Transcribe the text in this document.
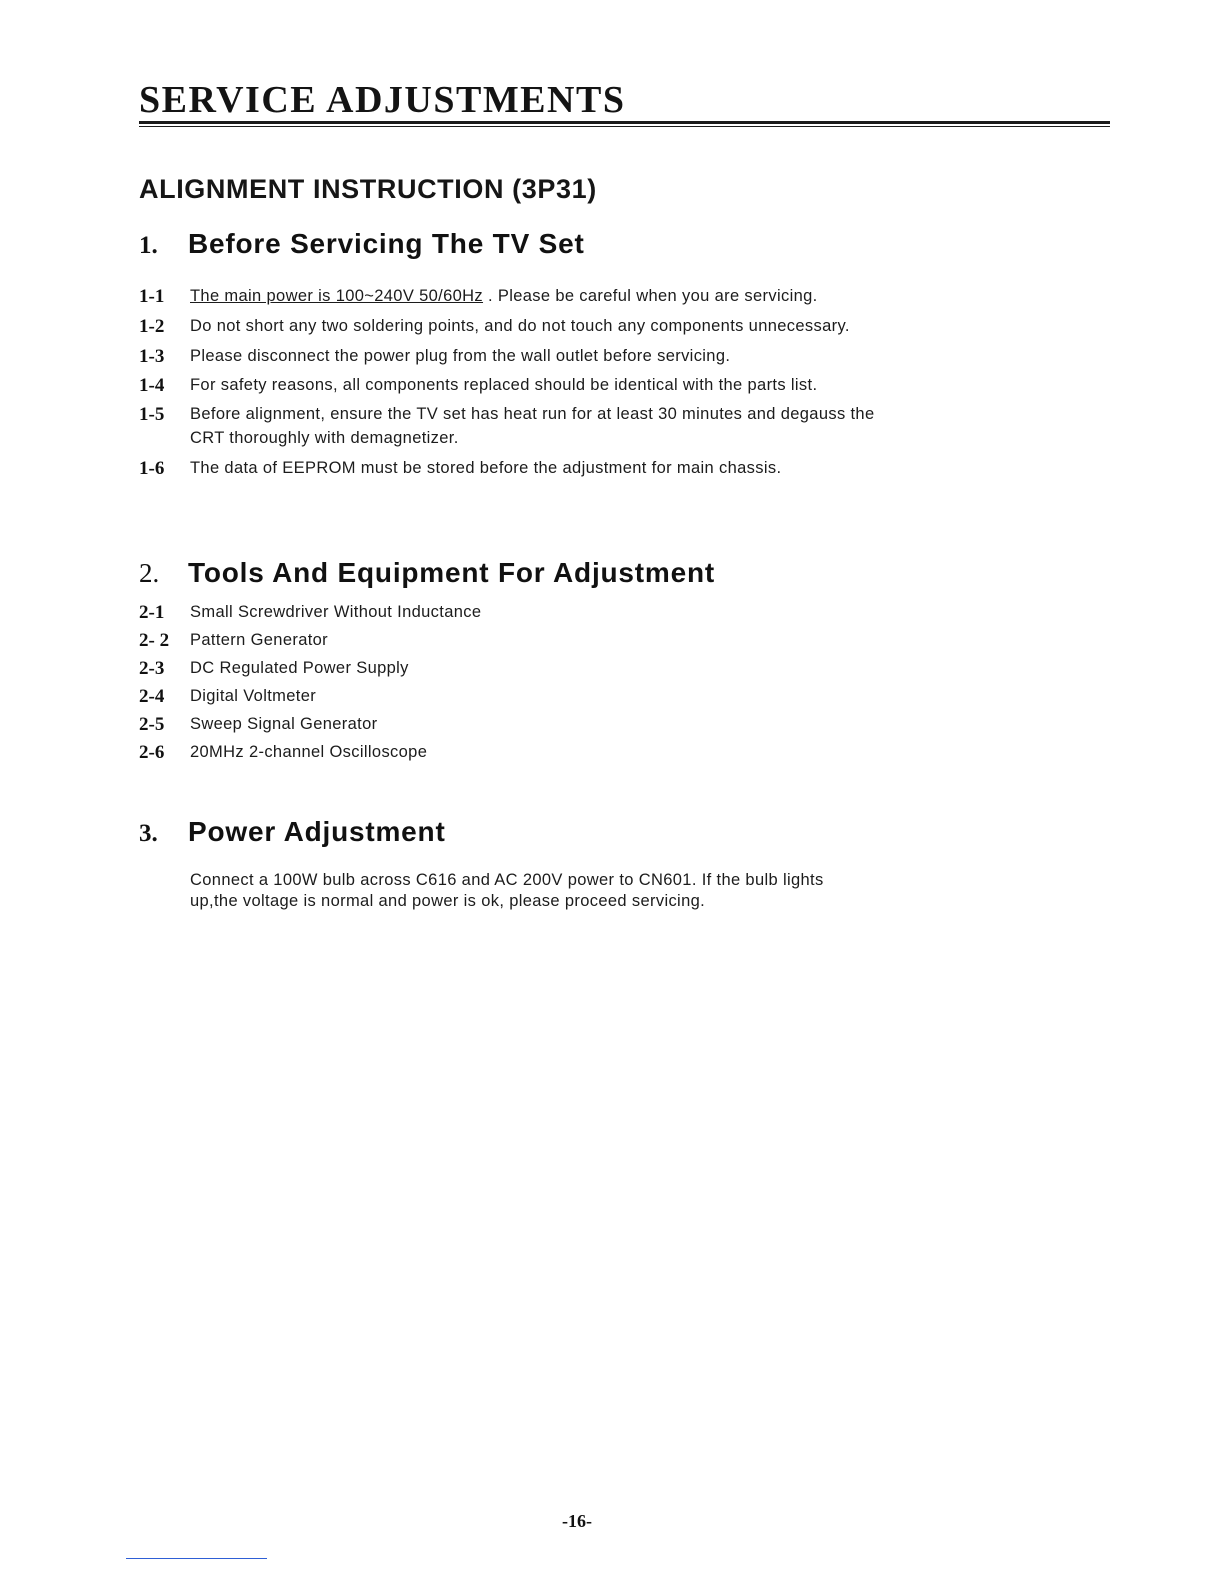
SERVICE ADJUSTMENTS
ALIGNMENT INSTRUCTION (3P31)
1. Before Servicing The TV Set
1-1 The main power is 100~240V 50/60Hz . Please be careful when you are servicing.
1-2 Do not short any two soldering points, and do not touch any components unnecessary.
1-3 Please disconnect the power plug from the wall outlet before servicing.
1-4 For safety reasons, all components replaced should be identical with the parts list.
1-5 Before alignment, ensure the TV set has heat run for at least 30 minutes and degauss the
CRT thoroughly with demagnetizer.
1-6 The data of EEPROM must be stored before the adjustment for main chassis.
2. Tools And Equipment For Adjustment
2-1 Small Screwdriver Without Inductance
2- 2 Pattern Generator
2-3 DC Regulated Power Supply
2-4 Digital Voltmeter
2-5 Sweep Signal Generator
2-6 20MHz 2-channel Oscilloscope
3. Power Adjustment

Connect a 100W bulb across C616 and AC 200V power to CN601. If the bulb lights
up,the voltage is normal and power is ok, please proceed servicing.

-16-
